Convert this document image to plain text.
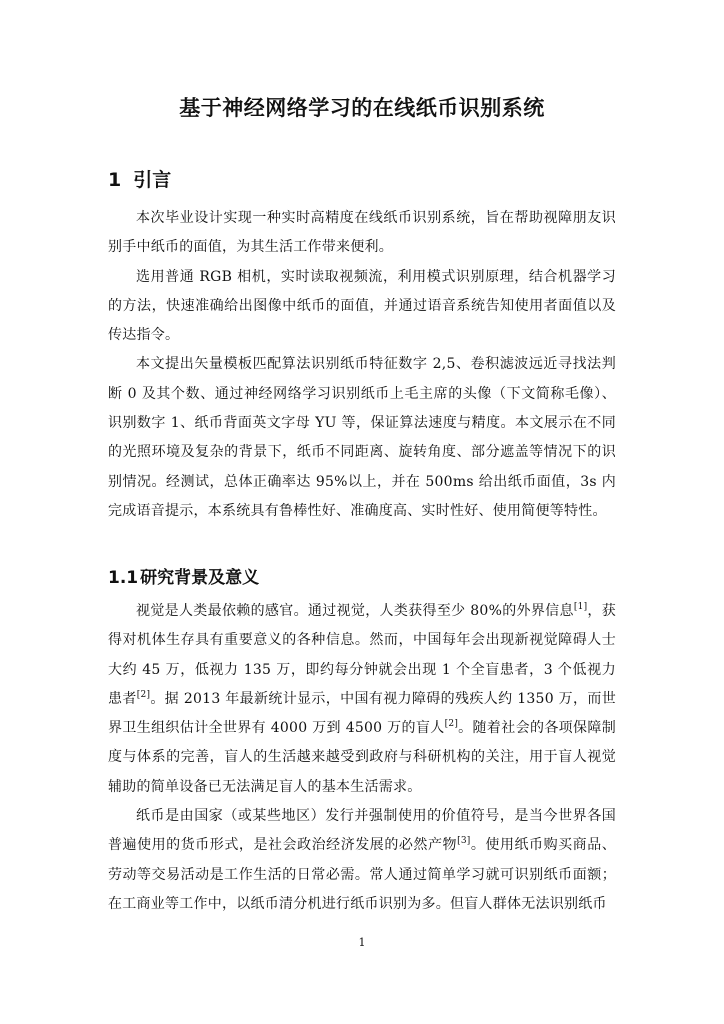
基于神经网络学习的在线纸币识别系统
1 引言

本次毕业设计实现一种实时高精度在线纸币识别系统，旨在帮助视障朋友识别手中纸币的面值，为其生活工作带来便利。

选用普通 RGB 相机，实时读取视频流，利用模式识别原理，结合机器学习的方法，快速准确给出图像中纸币的面值，并通过语音系统告知使用者面值以及传达指令。

本文提出矢量模板匹配算法识别纸币特征数字 2,5、卷积滤波远近寻找法判断 0 及其个数、通过神经网络学习识别纸币上毛主席的头像（下文简称毛像）、识别数字 1、纸币背面英文字母 YU 等，保证算法速度与精度。本文展示在不同的光照环境及复杂的背景下，纸币不同距离、旋转角度、部分遮盖等情况下的识别情况。经测试，总体正确率达 95%以上，并在 500ms 给出纸币面值，3s 内完成语音提示，本系统具有鲁棒性好、准确度高、实时性好、使用简便等特性。

1.1 研究背景及意义

视觉是人类最依赖的感官。通过视觉，人类获得至少 80%的外界信息[1]，获得对机体生存具有重要意义的各种信息。然而，中国每年会出现新视觉障碍人士大约 45 万，低视力 135 万，即约每分钟就会出现 1 个全盲患者，3 个低视力患者[2]。据 2013 年最新统计显示，中国有视力障碍的残疾人约 1350 万，而世界卫生组织估计全世界有 4000 万到 4500 万的盲人[2]。随着社会的各项保障制度与体系的完善，盲人的生活越来越受到政府与科研机构的关注，用于盲人视觉辅助的简单设备已无法满足盲人的基本生活需求。

纸币是由国家（或某些地区）发行并强制使用的价值符号，是当今世界各国普遍使用的货币形式，是社会政治经济发展的必然产物[3]。使用纸币购买商品、劳动等交易活动是工作生活的日常必需。常人通过简单学习就可识别纸币面额；在工商业等工作中，以纸币清分机进行纸币识别为多。但盲人群体无法识别纸币

1
